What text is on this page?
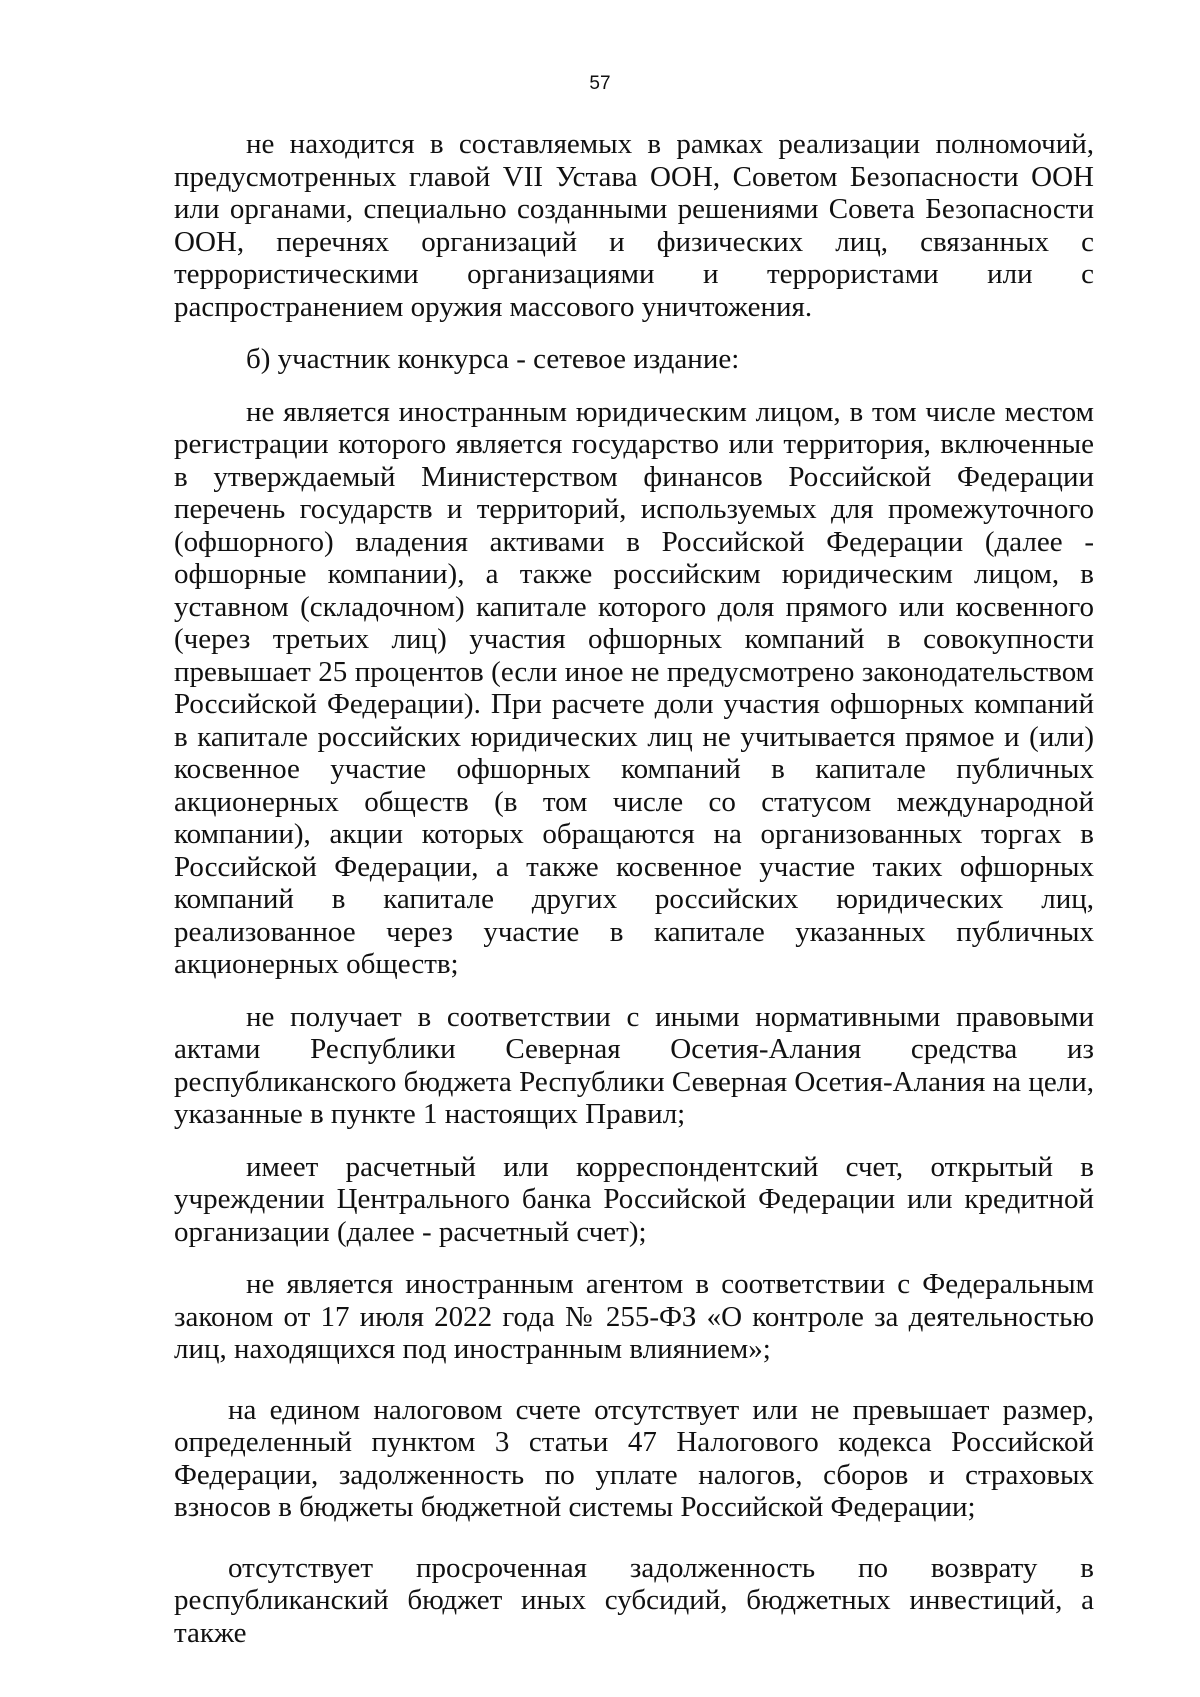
57

не находится в составляемых в рамках реализации полномочий, предусмотренных главой VII Устава ООН, Советом Безопасности ООН или органами, специально созданными решениями Совета Безопасности ООН, перечнях организаций и физических лиц, связанных с террористическими организациями и террористами или с распространением оружия массового уничтожения.

б) участник конкурса - сетевое издание:

не является иностранным юридическим лицом, в том числе местом регистрации которого является государство или территория, включенные в утверждаемый Министерством финансов Российской Федерации перечень государств и территорий, используемых для промежуточного (офшорного) владения активами в Российской Федерации (далее - офшорные компании), а также российским юридическим лицом, в уставном (складочном) капитале которого доля прямого или косвенного (через третьих лиц) участия офшорных компаний в совокупности превышает 25 процентов (если иное не предусмотрено законодательством Российской Федерации). При расчете доли участия офшорных компаний в капитале российских юридических лиц не учитывается прямое и (или) косвенное участие офшорных компаний в капитале публичных акционерных обществ (в том числе со статусом международной компании), акции которых обращаются на организованных торгах в Российской Федерации, а также косвенное участие таких офшорных компаний в капитале других российских юридических лиц, реализованное через участие в капитале указанных публичных акционерных обществ;

не получает в соответствии с иными нормативными правовыми актами Республики Северная Осетия-Алания средства из республиканского бюджета Республики Северная Осетия-Алания на цели, указанные в пункте 1 настоящих Правил;

имеет расчетный или корреспондентский счет, открытый в учреждении Центрального банка Российской Федерации или кредитной организации (далее - расчетный счет);

не является иностранным агентом в соответствии с Федеральным законом от 17 июля 2022 года № 255-ФЗ «О контроле за деятельностью лиц, находящихся под иностранным влиянием»;

на едином налоговом счете отсутствует или не превышает размер, определенный пунктом 3 статьи 47 Налогового кодекса Российской Федерации, задолженность по уплате налогов, сборов и страховых взносов в бюджеты бюджетной системы Российской Федерации;

отсутствует просроченная задолженность по возврату в республиканский бюджет иных субсидий, бюджетных инвестиций, а также
